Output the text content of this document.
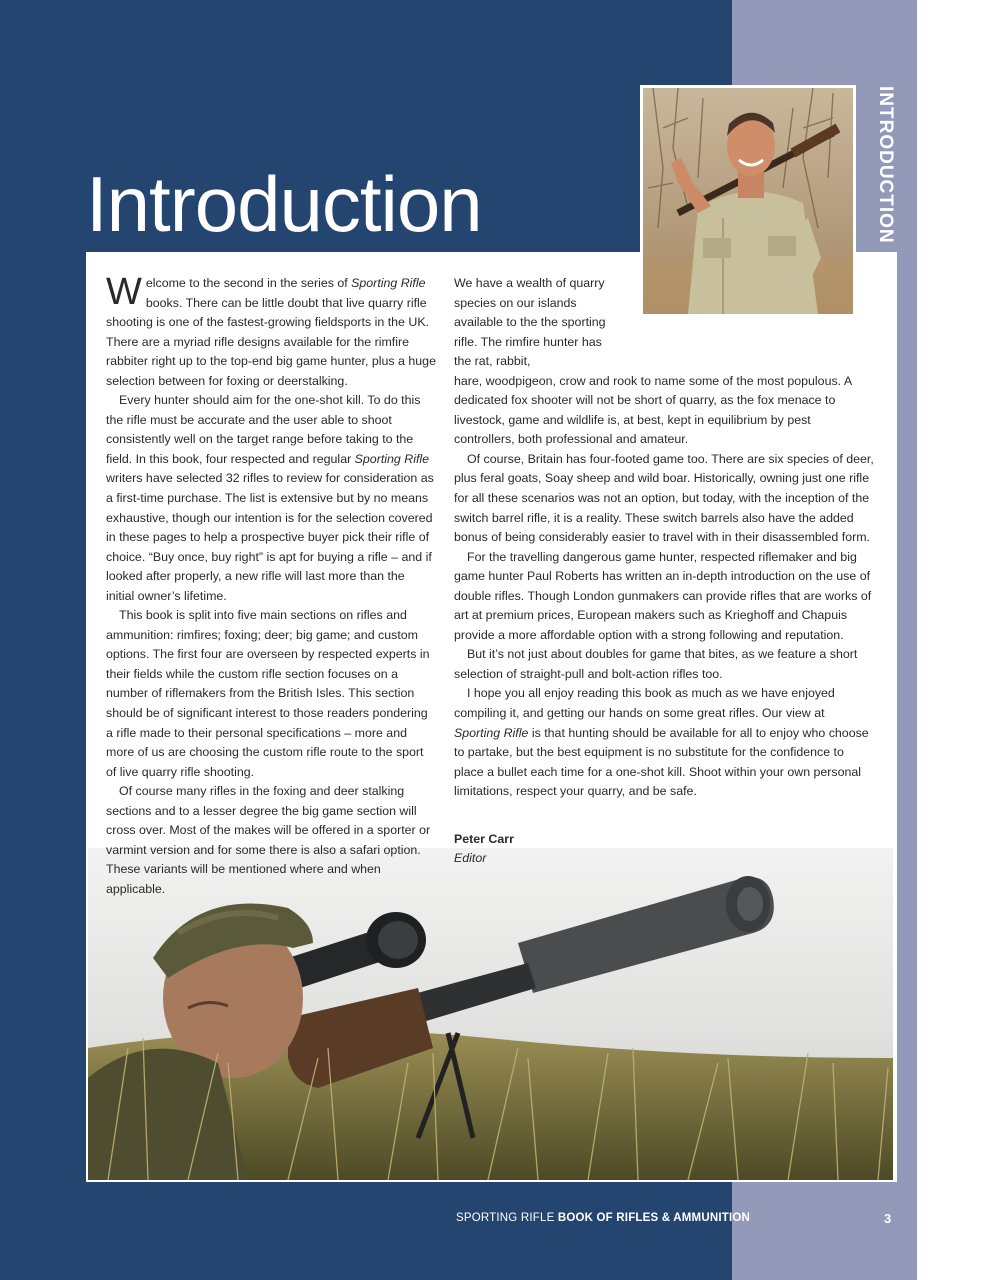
INTRODUCTION
Introduction

Welcome to the second in the series of Sporting Rifle books. There can be little doubt that live quarry rifle shooting is one of the fastest-growing fieldsports in the UK. There are a myriad rifle designs available for the rimfire rabbiter right up to the top-end big game hunter, plus a huge selection between for foxing or deerstalking.

Every hunter should aim for the one-shot kill. To do this the rifle must be accurate and the user able to shoot consistently well on the target range before taking to the field. In this book, four respected and regular Sporting Rifle writers have selected 32 rifles to review for consideration as a first-time purchase. The list is extensive but by no means exhaustive, though our intention is for the selection covered in these pages to help a prospective buyer pick their rifle of choice. “Buy once, buy right” is apt for buying a rifle – and if looked after properly, a new rifle will last more than the initial owner’s lifetime.

This book is split into five main sections on rifles and ammunition: rimfires; foxing; deer; big game; and custom options. The first four are overseen by respected experts in their fields while the custom rifle section focuses on a number of riflemakers from the British Isles. This section should be of significant interest to those readers pondering a rifle made to their personal specifications – more and more of us are choosing the custom rifle route to the sport of live quarry rifle shooting.

Of course many rifles in the foxing and deer stalking sections and to a lesser degree the big game section will cross over. Most of the makes will be offered in a sporter or varmint version and for some there is also a safari option. These variants will be mentioned where and when applicable.

We have a wealth of quarry species on our islands available to the the sporting rifle. The rimfire hunter has the rat, rabbit,
hare, woodpigeon, crow and rook to name some of the most populous. A dedicated fox shooter will not be short of quarry, as the fox menace to livestock, game and wildlife is, at best, kept in equilibrium by pest controllers, both professional and amateur.

Of course, Britain has four-footed game too. There are six species of deer, plus feral goats, Soay sheep and wild boar. Historically, owning just one rifle for all these scenarios was not an option, but today, with the inception of the switch barrel rifle, it is a reality. These switch barrels also have the added bonus of being considerably easier to travel with in their disassembled form.

For the travelling dangerous game hunter, respected riflemaker and big game hunter Paul Roberts has written an in-depth introduction on the use of double rifles. Though London gunmakers can provide rifles that are works of art at premium prices, European makers such as Krieghoff and Chapuis provide a more affordable option with a strong following and reputation.

But it’s not just about doubles for game that bites, as we feature a short selection of straight-pull and bolt-action rifles too.

I hope you all enjoy reading this book as much as we have enjoyed compiling it, and getting our hands on some great rifles. Our view at Sporting Rifle is that hunting should be available for all to enjoy who choose to partake, but the best equipment is no substitute for the confidence to place a bullet each time for a one-shot kill. Shoot within your own personal limitations, respect your quarry, and be safe.

Peter Carr
Editor

SPORTING RIFLE BOOK OF RIFLES & AMMUNITION	3
